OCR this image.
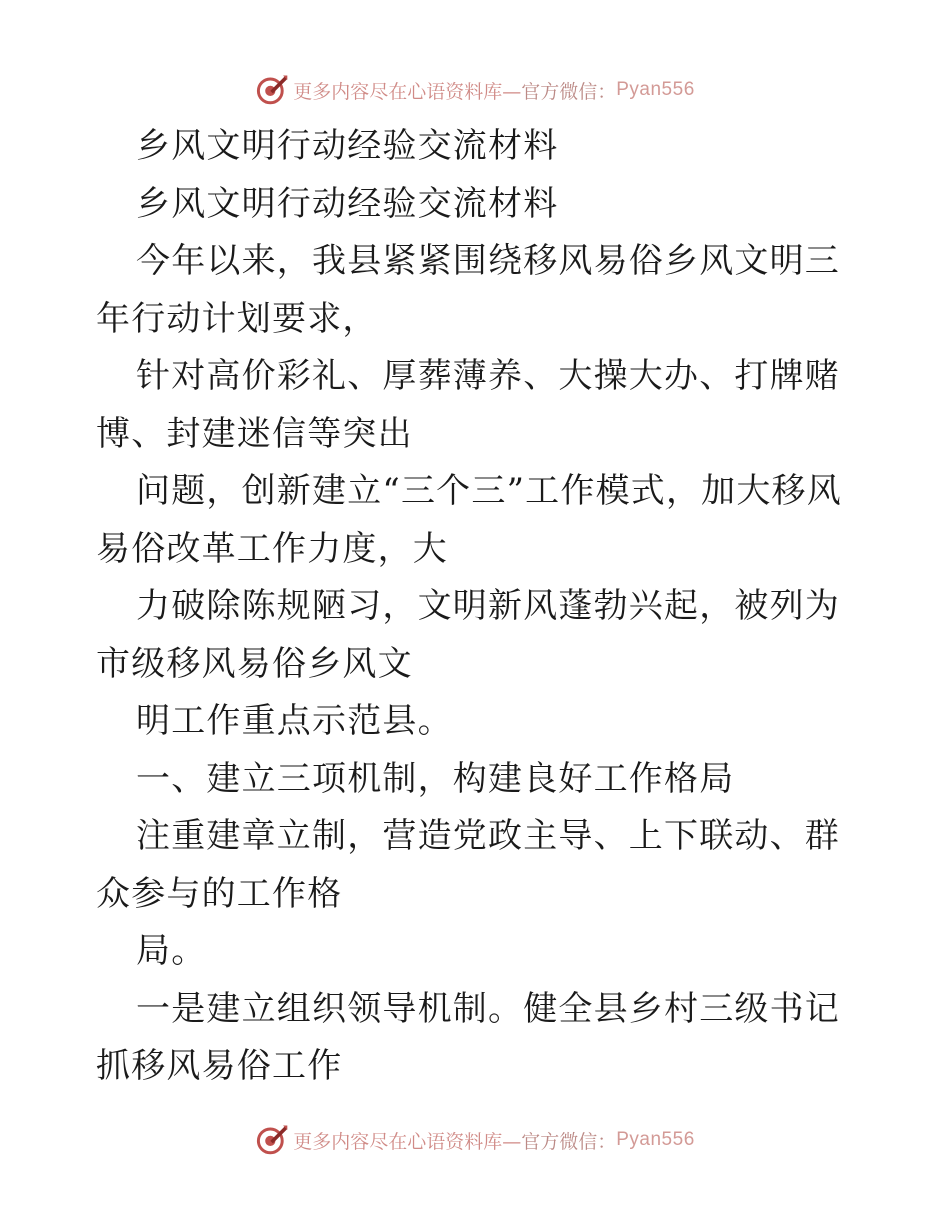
更多内容尽在心语资料库— 官方微信： Pyan556

乡风文明行动经验交流材料

乡风文明行动经验交流材料

今年以来，我县紧紧围绕移风易俗乡风文明三年行动计划要求，

针对高价彩礼、厚葬薄养、大操大办、打牌赌博、封建迷信等突出

问题，创新建立“三个三”工作模式，加大移风易俗改革工作力度，大

力破除陈规陋习，文明新风蓬勃兴起，被列为市级移风易俗乡风文

明工作重点示范县。

一、建立三项机制，构建良好工作格局

注重建章立制，营造党政主导、上下联动、群众参与的工作格

局。

一是建立组织领导机制。健全县乡村三级书记抓移风易俗工作

更多内容尽在心语资料库— 官方微信： Pyan556
